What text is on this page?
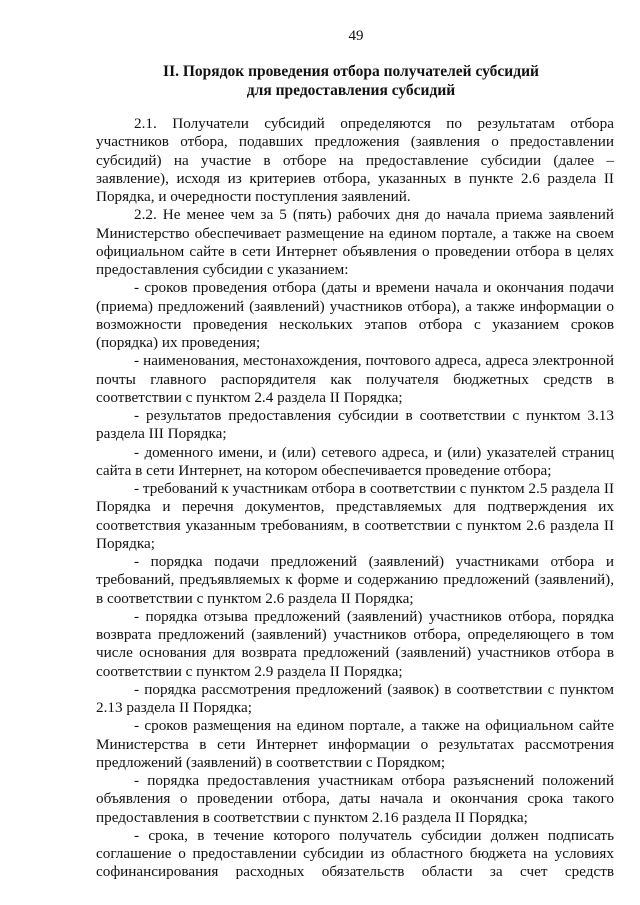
49
II. Порядок проведения отбора получателей субсидий
для предоставления субсидий

2.1. Получатели субсидий определяются по результатам отбора участников отбора, подавших предложения (заявления о предоставлении субсидий) на участие в отборе на предоставление субсидии (далее – заявление), исходя из критериев отбора, указанных в пункте 2.6 раздела II Порядка, и очередности поступления заявлений.

2.2. Не менее чем за 5 (пять) рабочих дня до начала приема заявлений Министерство обеспечивает размещение на едином портале, а также на своем официальном сайте в сети Интернет объявления о проведении отбора в целях предоставления субсидии с указанием:

- сроков проведения отбора (даты и времени начала и окончания подачи (приема) предложений (заявлений) участников отбора), а также информации о возможности проведения нескольких этапов отбора с указанием сроков (порядка) их проведения;

- наименования, местонахождения, почтового адреса, адреса электронной почты главного распорядителя как получателя бюджетных средств в соответствии с пунктом 2.4 раздела II Порядка;

- результатов предоставления субсидии в соответствии с пунктом 3.13 раздела III Порядка;

- доменного имени, и (или) сетевого адреса, и (или) указателей страниц сайта в сети Интернет, на котором обеспечивается проведение отбора;

- требований к участникам отбора в соответствии с пунктом 2.5 раздела II Порядка и перечня документов, представляемых для подтверждения их соответствия указанным требованиям, в соответствии с пунктом 2.6 раздела II Порядка;

- порядка подачи предложений (заявлений) участниками отбора и требований, предъявляемых к форме и содержанию предложений (заявлений), в соответствии с пунктом 2.6 раздела II Порядка;

- порядка отзыва предложений (заявлений) участников отбора, порядка возврата предложений (заявлений) участников отбора, определяющего в том числе основания для возврата предложений (заявлений) участников отбора в соответствии с пунктом 2.9 раздела II Порядка;

- порядка рассмотрения предложений (заявок) в соответствии с пунктом 2.13 раздела II Порядка;

- сроков размещения на едином портале, а также на официальном сайте Министерства в сети Интернет информации о результатах рассмотрения предложений (заявлений) в соответствии с Порядком;

- порядка предоставления участникам отбора разъяснений положений объявления о проведении отбора, даты начала и окончания срока такого предоставления в соответствии с пунктом 2.16 раздела II Порядка;

- срока, в течение которого получатель субсидии должен подписать соглашение о предоставлении субсидии из областного бюджета на условиях софинансирования расходных обязательств области за счет средств
